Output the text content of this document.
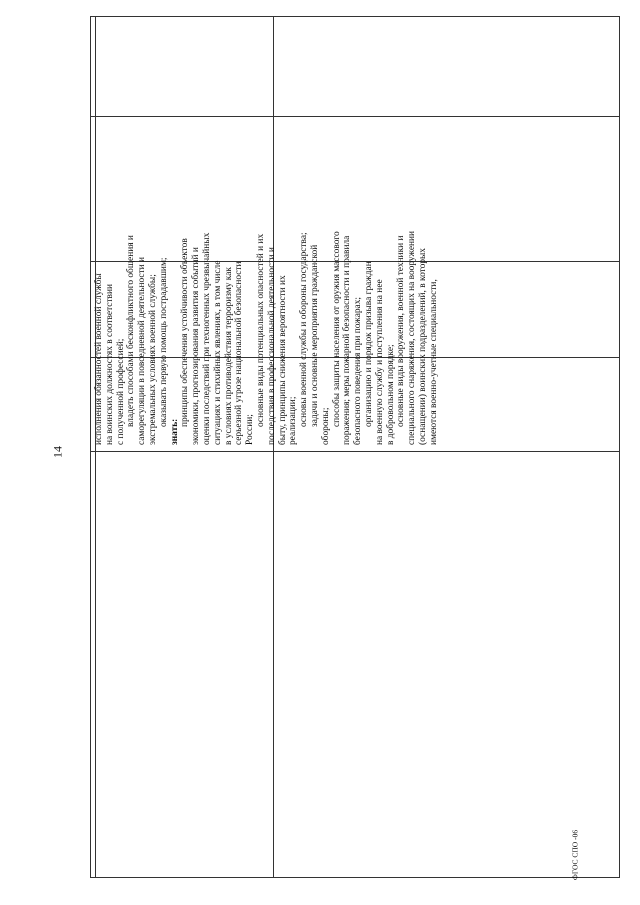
14
исполнения обязанностей военной службы на воинских должностях в соответствии с полученной профессией; владеть способами бесконфликтного общения и саморегуляции в повседневной деятельности и экстремальных условиях военной службы; оказывать первую помощь пострадавшим;
знать:
принципы обеспечения устойчивости объектов экономики, прогнозирования развития событий и оценки последствий при техногенных чрезвычайных ситуациях и стихийных явлениях, в том числе в условиях противодействия терроризму как серьезной угрозе национальной безопасности России;
основные виды потенциальных опасностей и их последствия в профессиональной деятельности и быту, принципы снижения вероятности их реализации; основы военной службы и обороны государства; задачи и основные мероприятия гражданской обороны; способы защиты населения от оружия массового поражения; меры пожарной безопасности и правила безопасного поведения при пожарах; организацию и порядок призыва граждан на военную службу и поступления на нее в добровольном порядке; основные виды вооружения, военной техники и специального снаряжения, состоящих на вооружении (оснащении) воинских подразделений, в которых имеются военно-учетные специальности,
ФГОС СПО -06
